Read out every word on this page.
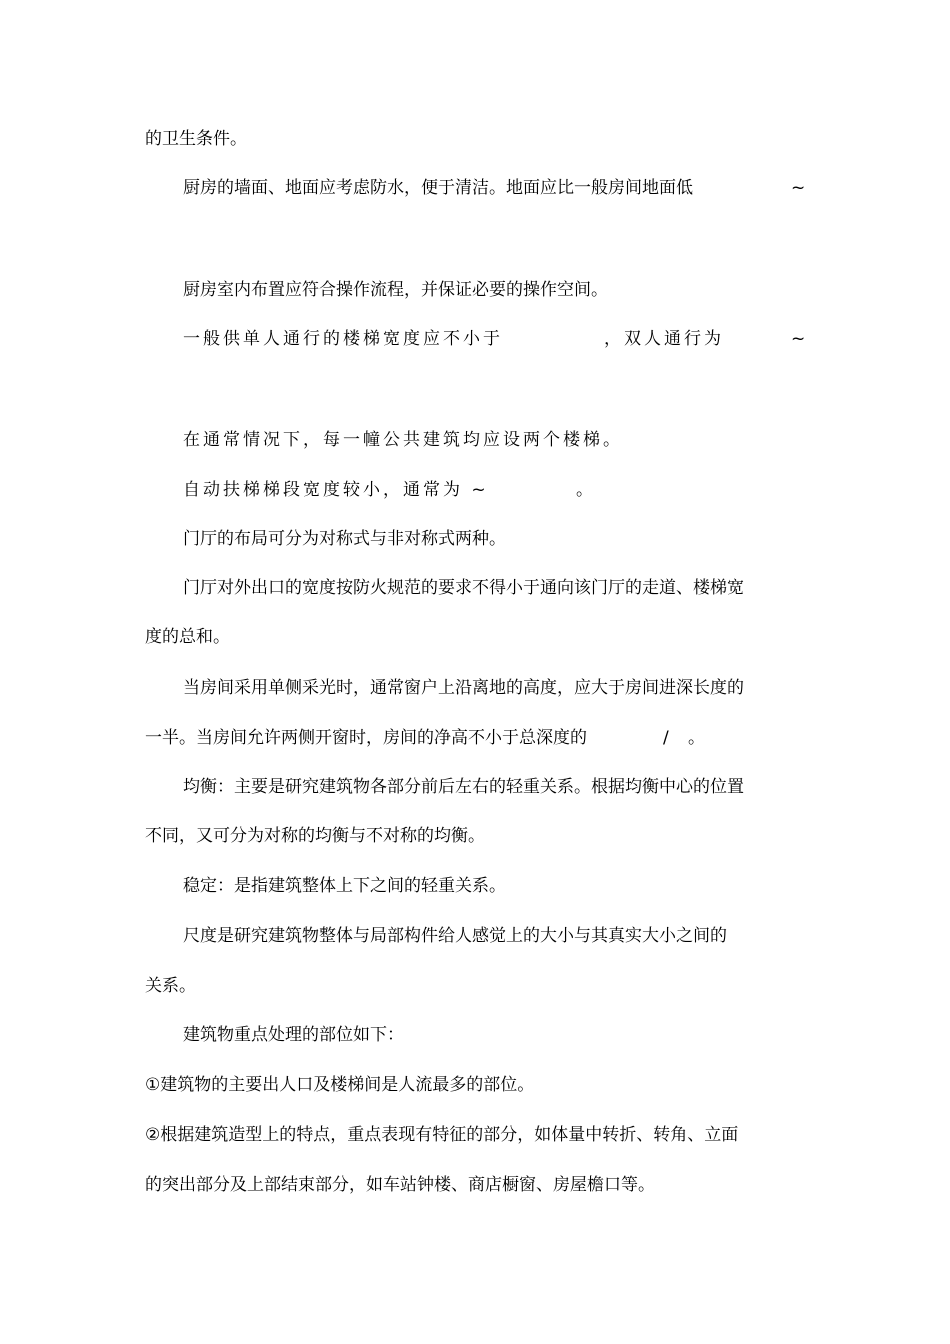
的卫生条件。
厨房的墙面、地面应考虑防水，便于清洁。地面应比一般房间地面低	~
厨房室内布置应符合操作流程，并保证必要的操作空间。
一般供单人通行的楼梯宽度应不小于	，双人通行为	~
在通常情况下，每一幢公共建筑均应设两个楼梯。
自动扶梯梯段宽度较小，通常为 ~	。
门厅的布局可分为对称式与非对称式两种。
门厅对外出口的宽度按防火规范的要求不得小于通向该门厅的走道、楼梯宽
度的总和。
当房间采用单侧采光时，通常窗户上沿离地的高度，应大于房间进深长度的
一半。当房间允许两侧开窗时，房间的净高不小于总深度的	/ 。
均衡：主要是研究建筑物各部分前后左右的轻重关系。根据均衡中心的位置
不同，又可分为对称的均衡与不对称的均衡。
稳定：是指建筑整体上下之间的轻重关系。
尺度是研究建筑物整体与局部构件给人感觉上的大小与其真实大小之间的
关系。
建筑物重点处理的部位如下：
①建筑物的主要出人口及楼梯间是人流最多的部位。
②根据建筑造型上的特点，重点表现有特征的部分，如体量中转折、转角、立面
的突出部分及上部结束部分，如车站钟楼、商店橱窗、房屋檐口等。
